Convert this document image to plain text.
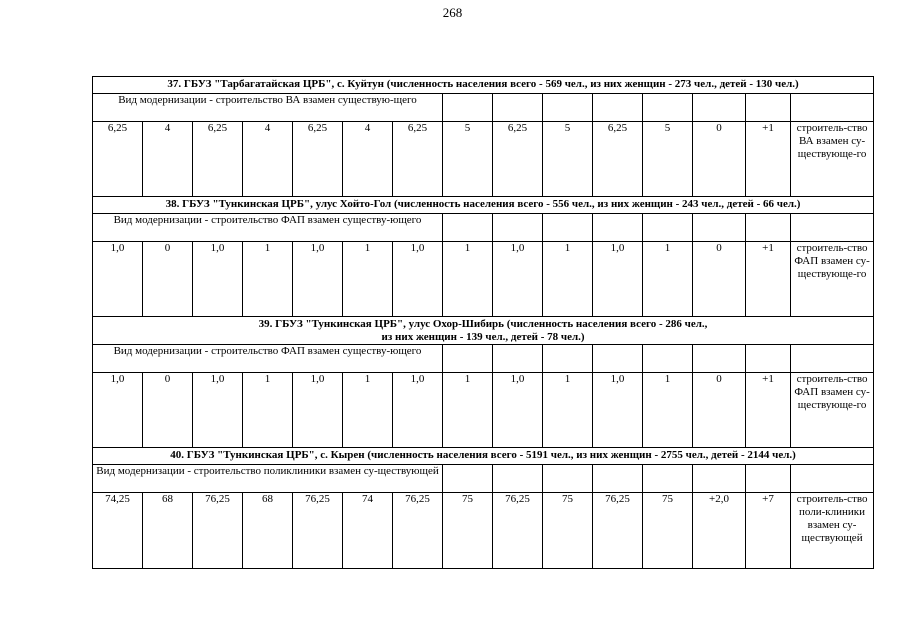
268
37. ГБУЗ "Тарбагатайская ЦРБ", с. Куйтун (численность населения всего - 569 чел., из них женщин - 273 чел., детей - 130 чел.)														

Вид модернизации - строительство ВА взамен существую-щего														
6,25	4	6,25	4	6,25	4	6,25	5	6,25	5	6,25	5	0	+1	строитель-ство ВА взамен су-ществующе-го

38. ГБУЗ "Тункинская ЦРБ", улус Хойто-Гол (численность населения всего - 556 чел., из них женщин - 243 чел., детей - 66 чел.)														

Вид модернизации - строительство ФАП взамен существу-ющего														
1,0	0	1,0	1	1,0	1	1,0	1	1,0	1	1,0	1	0	+1	строитель-ство ФАП взамен су-ществующе-го

39. ГБУЗ "Тункинская ЦРБ", улус Охор-Шибирь (численность населения всего - 286 чел.,
из них женщин - 139 чел., детей - 78 чел.)														

Вид модернизации - строительство ФАП взамен существу-ющего														
1,0	0	1,0	1	1,0	1	1,0	1	1,0	1	1,0	1	0	+1	строитель-ство ФАП взамен су-ществующе-го

40. ГБУЗ "Тункинская ЦРБ", с. Кырен (численность населения всего - 5191 чел., из них женщин - 2755 чел., детей - 2144 чел.)														

Вид модернизации - строительство поликлиники взамен су-ществующей														
74,25	68	76,25	68	76,25	74	76,25	75	76,25	75	76,25	75	+2,0	+7	строитель-ство поли-клиники взамен су-ществующей
